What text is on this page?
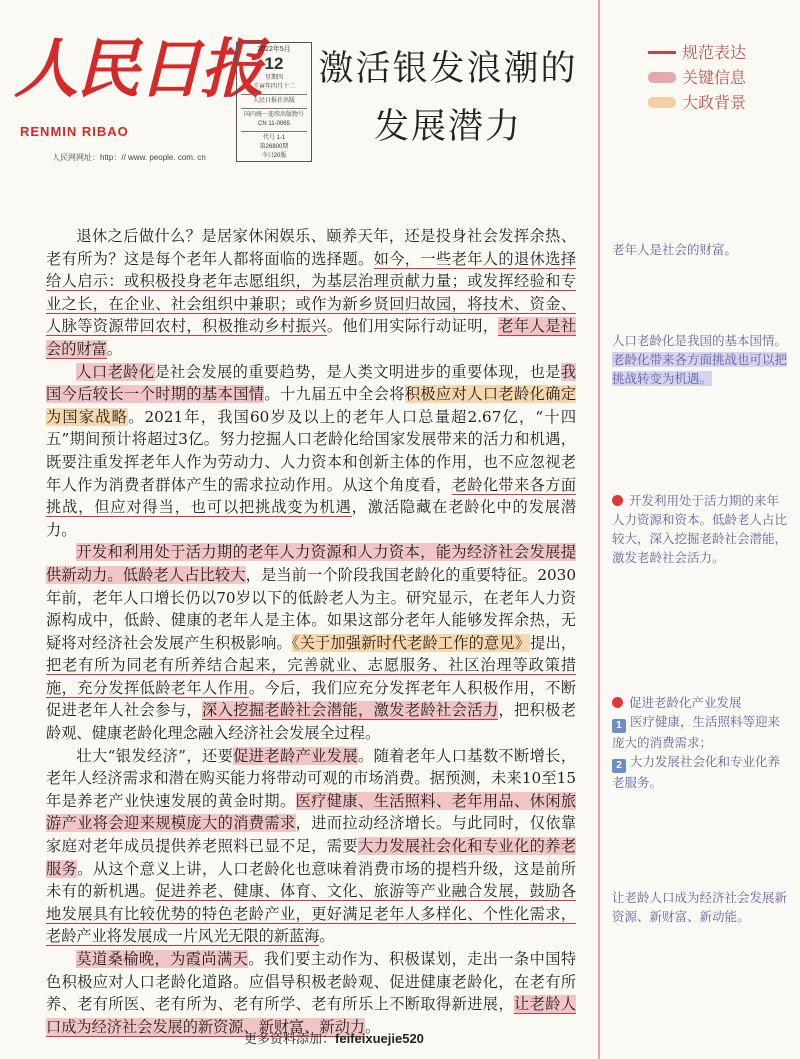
人民日报
RENMIN RIBAO
人民网网址：http：// www. people. com. cn
2022年5月
12
星期四
壬寅年四月十二
人民日报社出版
国内统一连续出版物号
CN 11-0065
代号 1-1
第26800期
今日20版
激活银发浪潮的
发展潜力
规范表达
关键信息
大政背景

退休之后做什么？是居家休闲娱乐、颐养天年，还是投身社会发挥余热、老有所为？这是每个老年人都将面临的选择题。如今，一些老年人的退休选择给人启示：或积极投身老年志愿组织，为基层治理贡献力量；或发挥经验和专业之长，在企业、社会组织中兼职；或作为新乡贤回归故园，将技术、资金、人脉等资源带回农村，积极推动乡村振兴。他们用实际行动证明，老年人是社会的财富。

人口老龄化是社会发展的重要趋势，是人类文明进步的重要体现，也是我国今后较长一个时期的基本国情。十九届五中全会将积极应对人口老龄化确定为国家战略。2021年，我国60岁及以上的老年人口总量超2.67亿，“十四五”期间预计将超过3亿。努力挖掘人口老龄化给国家发展带来的活力和机遇，既要注重发挥老年人作为劳动力、人力资本和创新主体的作用，也不应忽视老年人作为消费者群体产生的需求拉动作用。从这个角度看，老龄化带来各方面挑战，但应对得当，也可以把挑战变为机遇，激活隐藏在老龄化中的发展潜力。

开发和利用处于活力期的老年人力资源和人力资本，能为经济社会发展提供新动力。低龄老人占比较大，是当前一个阶段我国老龄化的重要特征。2030年前，老年人口增长仍以70岁以下的低龄老人为主。研究显示，在老年人力资源构成中，低龄、健康的老年人是主体。如果这部分老年人能够发挥余热，无疑将对经济社会发展产生积极影响。《关于加强新时代老龄工作的意见》提出，把老有所为同老有所养结合起来，完善就业、志愿服务、社区治理等政策措施，充分发挥低龄老年人作用。今后，我们应充分发挥老年人积极作用，不断促进老年人社会参与，深入挖掘老龄社会潜能，激发老龄社会活力，把积极老龄观、健康老龄化理念融入经济社会发展全过程。

壮大“银发经济”，还要促进老龄产业发展。随着老年人口基数不断增长，老年人经济需求和潜在购买能力将带动可观的市场消费。据预测，未来10至15年是养老产业快速发展的黄金时期。医疗健康、生活照料、老年用品、休闲旅游产业将会迎来规模庞大的消费需求，进而拉动经济增长。与此同时，仅依靠家庭对老年成员提供养老照料已显不足，需要大力发展社会化和专业化的养老服务。从这个意义上讲，人口老龄化也意味着消费市场的提档升级，这是前所未有的新机遇。促进养老、健康、体育、文化、旅游等产业融合发展，鼓励各地发展具有比较优势的特色老龄产业，更好满足老年人多样化、个性化需求，老龄产业将发展成一片风光无限的新蓝海。

莫道桑榆晚，为霞尚满天。我们要主动作为、积极谋划，走出一条中国特色积极应对人口老龄化道路。应倡导积极老龄观、促进健康老龄化，在老有所养、老有所医、老有所为、老有所学、老有所乐上不断取得新进展，让老龄人口成为经济社会发展的新资源、新财富、新动力。

老年人是社会的财富。
人口老龄化是我国的基本国情。
老龄化带来各方面挑战也可以把挑战转变为机遇。
开发利用处于活力期的来年人力资源和资本。低龄老人占比较大，深入挖掘老龄社会潜能，激发老龄社会活力。
促进老龄化产业发展
1 医疗健康，生活照料等迎来庞大的消费需求；
2 大力发展社会化和专业化养老服务。
让老龄人口成为经济社会发展新资源、新财富、新动能。
更多资料添加：feifeixuejie520
